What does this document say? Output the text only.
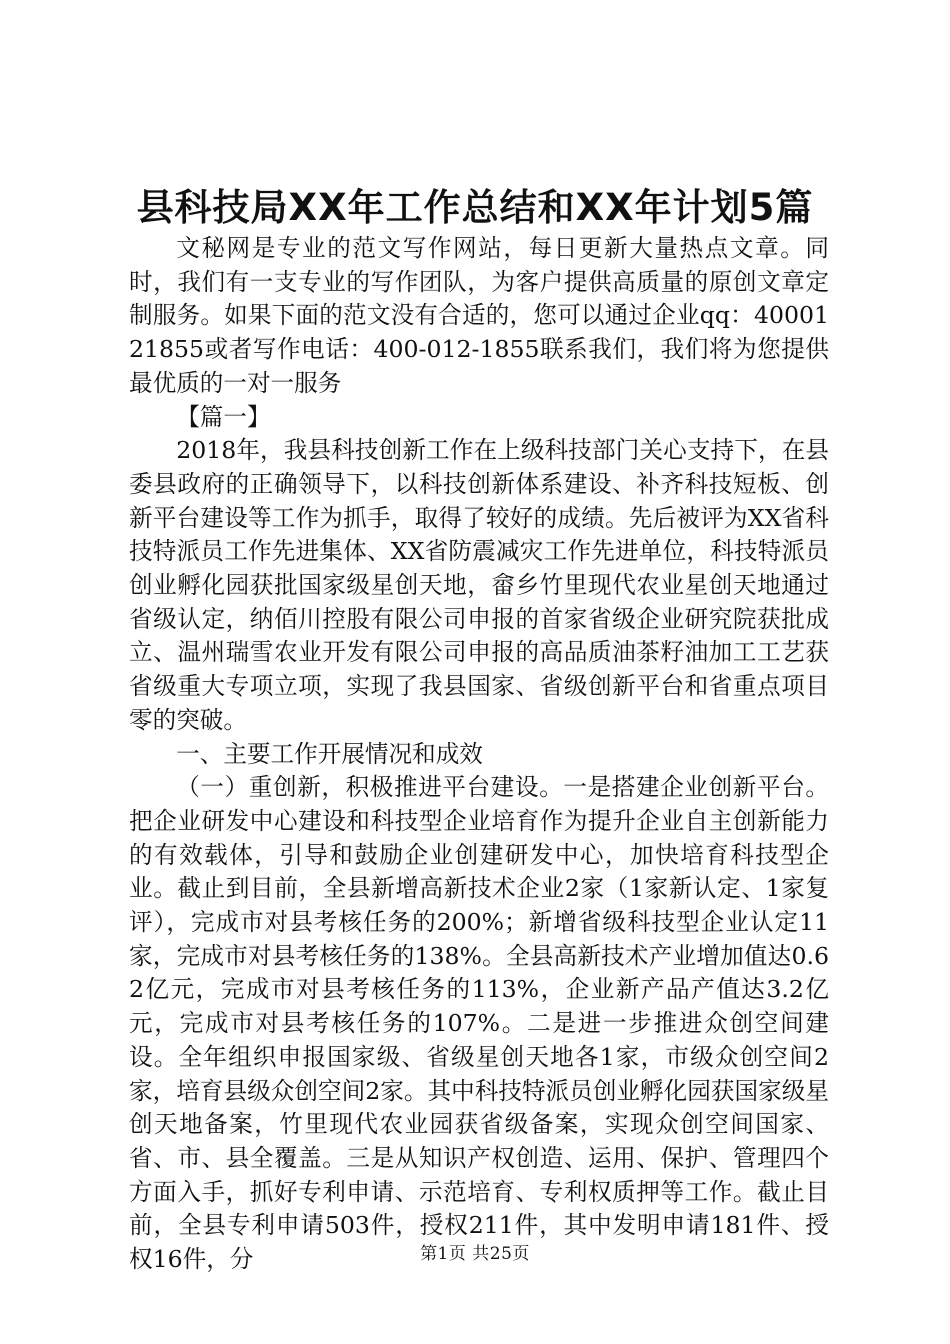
县科技局XX年工作总结和XX年计划5篇

文秘网是专业的范文写作网站，每日更新大量热点文章。同时，我们有一支专业的写作团队，为客户提供高质量的原创文章定制服务。如果下面的范文没有合适的，您可以通过企业qq：4000121855或者写作电话：400-012-1855联系我们，我们将为您提供最优质的一对一服务

【篇一】

2018年，我县科技创新工作在上级科技部门关心支持下，在县委县政府的正确领导下，以科技创新体系建设、补齐科技短板、创新平台建设等工作为抓手，取得了较好的成绩。先后被评为XX省科技特派员工作先进集体、XX省防震减灾工作先进单位，科技特派员创业孵化园获批国家级星创天地，畲乡竹里现代农业星创天地通过省级认定，纳佰川控股有限公司申报的首家省级企业研究院获批成立、温州瑞雪农业开发有限公司申报的高品质油茶籽油加工工艺获省级重大专项立项，实现了我县国家、省级创新平台和省重点项目零的突破。

一、主要工作开展情况和成效

（一）重创新，积极推进平台建设。一是搭建企业创新平台。把企业研发中心建设和科技型企业培育作为提升企业自主创新能力的有效载体，引导和鼓励企业创建研发中心，加快培育科技型企业。截止到目前，全县新增高新技术企业2家（1家新认定、1家复评），完成市对县考核任务的200%；新增省级科技型企业认定11家，完成市对县考核任务的138%。全县高新技术产业增加值达0.62亿元，完成市对县考核任务的113%，企业新产品产值达3.2亿元，完成市对县考核任务的107%。二是进一步推进众创空间建设。全年组织申报国家级、省级星创天地各1家，市级众创空间2家，培育县级众创空间2家。其中科技特派员创业孵化园获国家级星创天地备案，竹里现代农业园获省级备案，实现众创空间国家、省、市、县全覆盖。三是从知识产权创造、运用、保护、管理四个方面入手，抓好专利申请、示范培育、专利权质押等工作。截止目前，全县专利申请503件，授权211件，其中发明申请181件、授权16件，分	第1页 共25页
